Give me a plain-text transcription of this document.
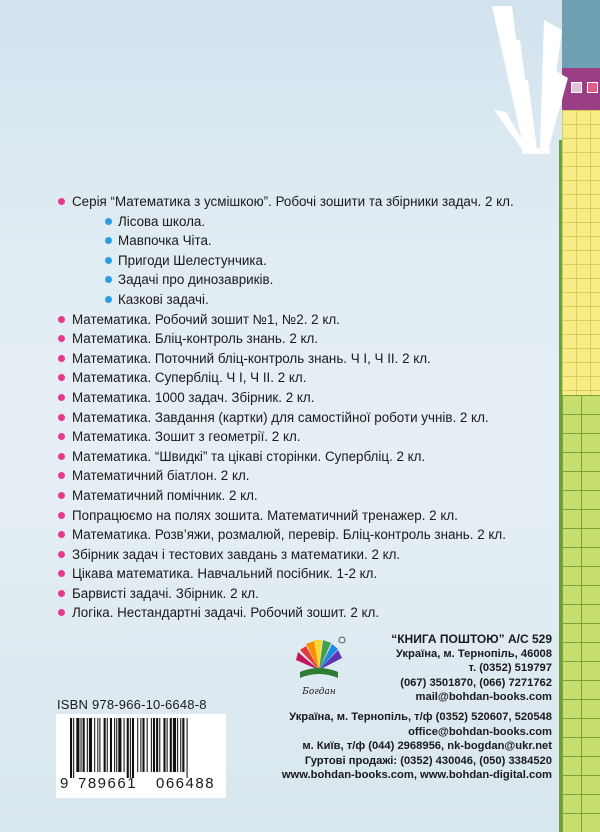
Серія “Математика з усмішкою”. Робочі зошити та збірники задач. 2 кл.
Лісова школа.
Мавпочка Чіта.
Пригоди Шелестунчика.
Задачі про динозавриків.
Казкові задачі.
Математика. Робочий зошит №1, №2. 2 кл.
Математика. Бліц-контроль знань. 2 кл.
Математика. Поточний бліц-контроль знань. Ч І, Ч ІІ. 2 кл.
Математика. Супербліц. Ч І, Ч ІІ. 2 кл.
Математика. 1000 задач. Збірник. 2 кл.
Математика. Завдання (картки) для самостійної роботи учнів. 2 кл.
Математика. Зошит з геометрії. 2 кл.
Математика. “Швидкі” та цікаві сторінки. Супербліц. 2 кл.
Математичний біатлон. 2 кл.
Математичний помічник. 2 кл.
Попрацюємо на полях зошита. Математичний тренажер. 2 кл.
Математика. Розв’яжи, розмалюй, перевір. Бліц-контроль знань. 2 кл.
Збірник задач і тестових завдань з математики. 2 кл.
Цікава математика. Навчальний посібник. 1-2 кл.
Барвисті задачі. Збірник. 2 кл.
Логіка. Нестандартні задачі. Робочий зошит. 2 кл.
Богдан
“КНИГА ПОШТОЮ” А/С 529
Україна, м. Тернопіль, 46008
т. (0352) 519797
(067) 3501870, (066) 7271762
mail@bohdan-books.com
Україна, м. Тернопіль, т/ф (0352) 520607, 520548
office@bohdan-books.com
м. Київ, т/ф (044) 2968956, nk-bogdan@ukr.net
Гуртові продажі: (0352) 430046, (050) 3384520
www.bohdan-books.com, www.bohdan-digital.com
ISBN 978-966-10-6648-8
9 789661 066488
